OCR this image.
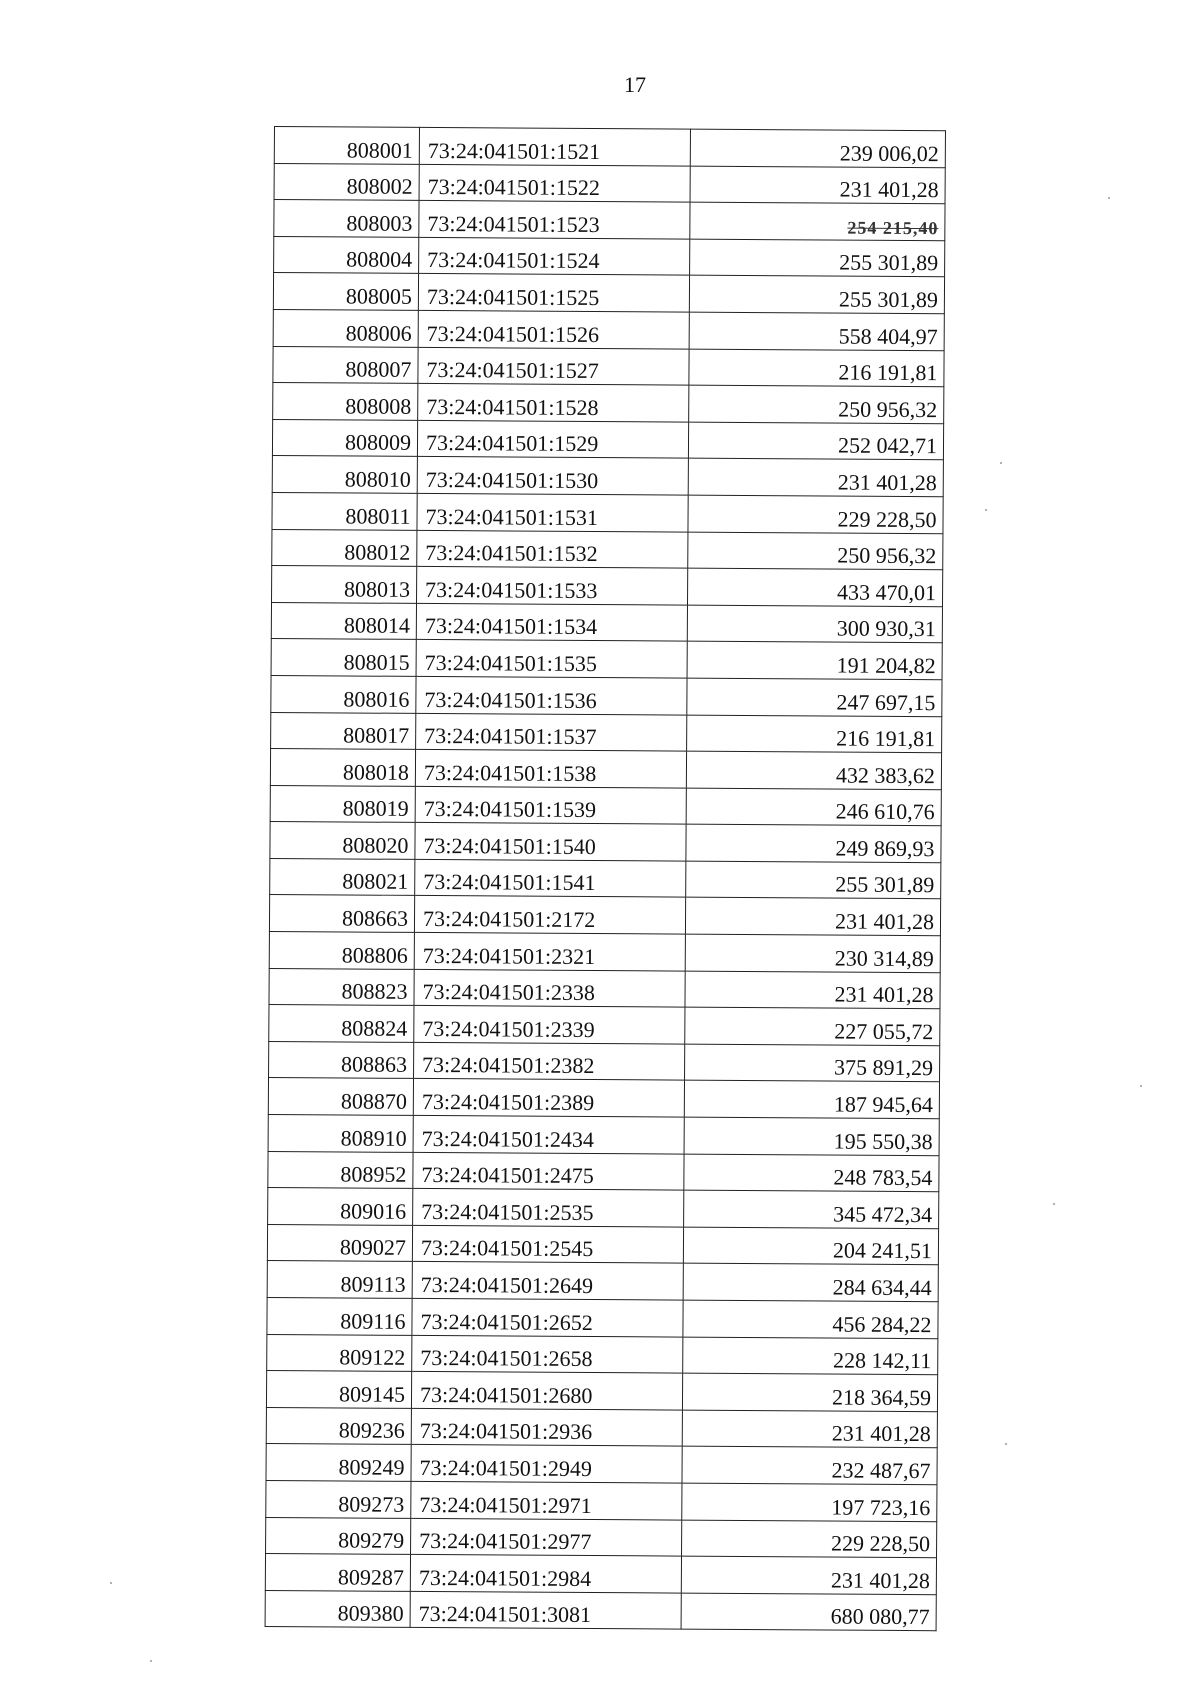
17
808001	73:24:041501:1521	239 006,02
808002	73:24:041501:1522	231 401,28
808003	73:24:041501:1523	254 215,40
808004	73:24:041501:1524	255 301,89
808005	73:24:041501:1525	255 301,89
808006	73:24:041501:1526	558 404,97
808007	73:24:041501:1527	216 191,81
808008	73:24:041501:1528	250 956,32
808009	73:24:041501:1529	252 042,71
808010	73:24:041501:1530	231 401,28
808011	73:24:041501:1531	229 228,50
808012	73:24:041501:1532	250 956,32
808013	73:24:041501:1533	433 470,01
808014	73:24:041501:1534	300 930,31
808015	73:24:041501:1535	191 204,82
808016	73:24:041501:1536	247 697,15
808017	73:24:041501:1537	216 191,81
808018	73:24:041501:1538	432 383,62
808019	73:24:041501:1539	246 610,76
808020	73:24:041501:1540	249 869,93
808021	73:24:041501:1541	255 301,89
808663	73:24:041501:2172	231 401,28
808806	73:24:041501:2321	230 314,89
808823	73:24:041501:2338	231 401,28
808824	73:24:041501:2339	227 055,72
808863	73:24:041501:2382	375 891,29
808870	73:24:041501:2389	187 945,64
808910	73:24:041501:2434	195 550,38
808952	73:24:041501:2475	248 783,54
809016	73:24:041501:2535	345 472,34
809027	73:24:041501:2545	204 241,51
809113	73:24:041501:2649	284 634,44
809116	73:24:041501:2652	456 284,22
809122	73:24:041501:2658	228 142,11
809145	73:24:041501:2680	218 364,59
809236	73:24:041501:2936	231 401,28
809249	73:24:041501:2949	232 487,67
809273	73:24:041501:2971	197 723,16
809279	73:24:041501:2977	229 228,50
809287	73:24:041501:2984	231 401,28
809380	73:24:041501:3081	680 080,77
